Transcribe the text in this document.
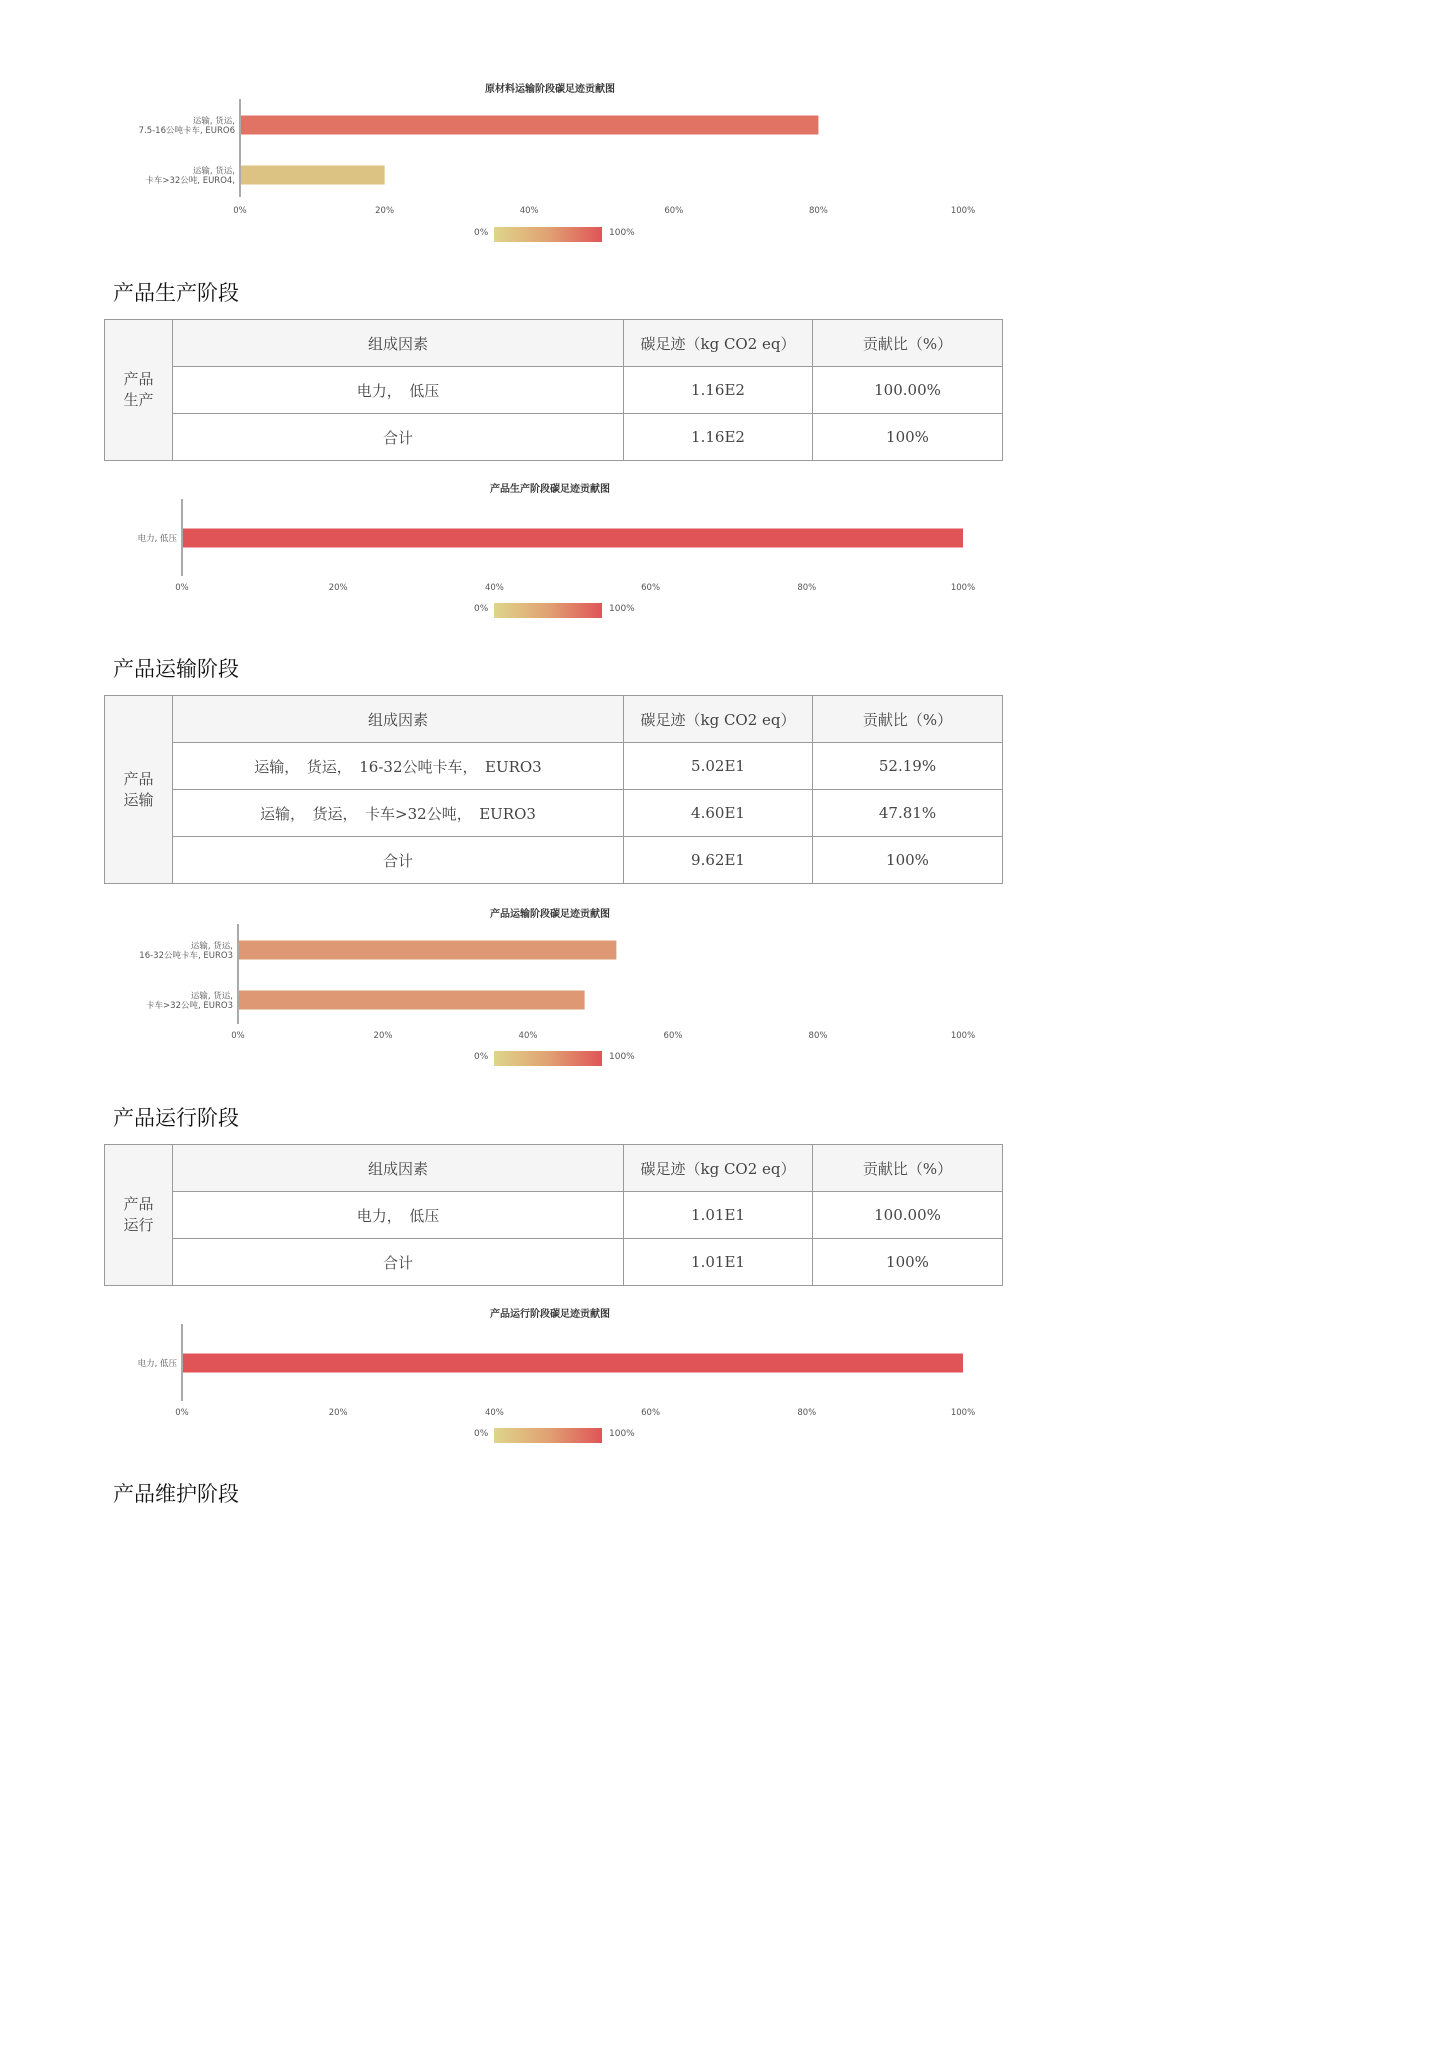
原材料运输阶段碳足迹贡献图
运输, 货运,
7.5-16公吨卡车, EURO6
运输, 货运,
卡车>32公吨, EURO4,
0%	20%	40%	60%	80%	100%
0%	100%
产品生产阶段
产品生产	组成因素	碳足迹（kg CO2 eq）	贡献比（%）
	电力，　低压	1.16E2	100.00%
	合计	1.16E2	100%
产品生产阶段碳足迹贡献图
电力, 低压
0%	20%	40%	60%	80%	100%
0%	100%
产品运输阶段
产品运输	组成因素	碳足迹（kg CO2 eq）	贡献比（%）
	运输，　货运，　16-32公吨卡车，　EURO3	5.02E1	52.19%
	运输，　货运，　卡车>32公吨，　EURO3	4.60E1	47.81%
	合计	9.62E1	100%
产品运输阶段碳足迹贡献图
运输, 货运,
16-32公吨卡车, EURO3
运输, 货运,
卡车>32公吨, EURO3
0%	20%	40%	60%	80%	100%
0%	100%
产品运行阶段
产品运行	组成因素	碳足迹（kg CO2 eq）	贡献比（%）
	电力，　低压	1.01E1	100.00%
	合计	1.01E1	100%
产品运行阶段碳足迹贡献图
电力, 低压
0%	20%	40%	60%	80%	100%
0%	100%
产品维护阶段
